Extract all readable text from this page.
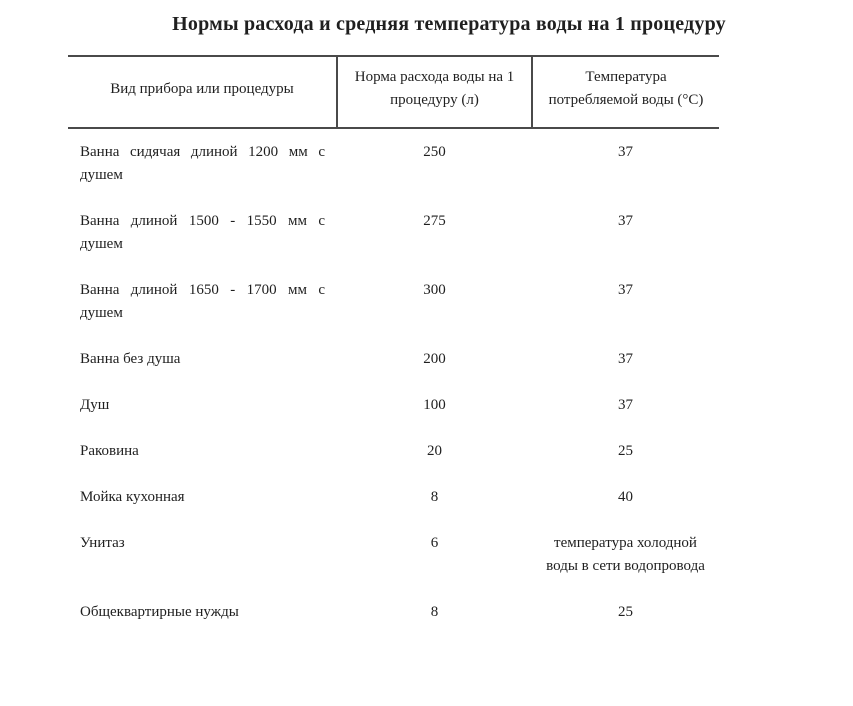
Нормы расхода и средняя температура воды на 1 процедуру
Вид прибора или процедуры	Норма расхода воды на 1 процедуру (л)	Температура потребляемой воды (°С)
Ванна сидячая длиной 1200 мм с душем	250	37
Ванна длиной 1500 - 1550 мм с душем	275	37
Ванна длиной 1650 - 1700 мм с душем	300	37
Ванна без душа	200	37
Душ	100	37
Раковина	20	25
Мойка кухонная	8	40
Унитаз	6	температура холодной воды в сети водопровода
Общеквартирные нужды	8	25
